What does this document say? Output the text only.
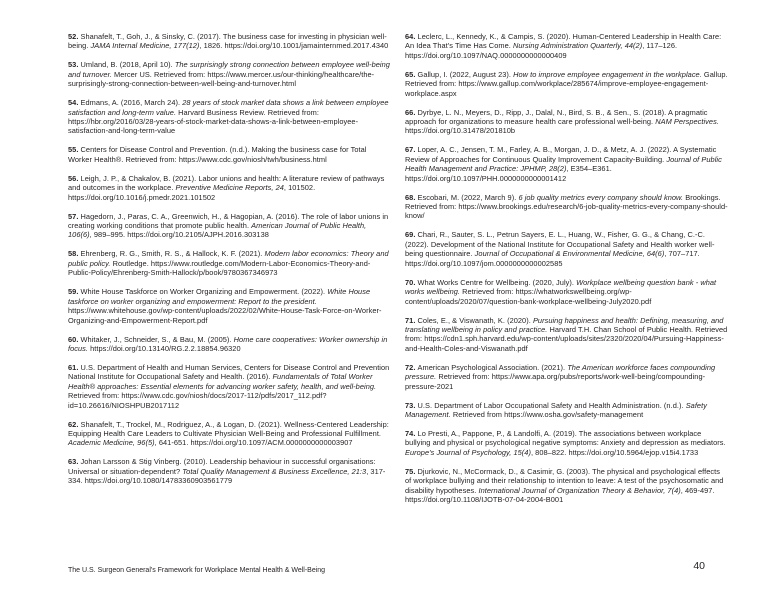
52. Shanafelt, T., Goh, J., & Sinsky, C. (2017). The business case for investing in physician well-being. JAMA Internal Medicine, 177(12), 1826. https://doi.org/10.1001/jamainternmed.2017.4340

53. Umland, B. (2018, April 10). The surprisingly strong connection between employee well-being and turnover. Mercer US. Retrieved from: https://www.mercer.us/our-thinking/healthcare/the-surprisingly-strong-connection-between-well-being-and-turnover.html

54. Edmans, A. (2016, March 24). 28 years of stock market data shows a link between employee satisfaction and long-term value. Harvard Business Review. Retrieved from: https://hbr.org/2016/03/28-years-of-stock-market-data-shows-a-link-between-employee-satisfaction-and-long-term-value

55. Centers for Disease Control and Prevention. (n.d.). Making the business case for Total Worker Health®. Retrieved from: https://www.cdc.gov/niosh/twh/business.html

56. Leigh, J. P., & Chakalov, B. (2021). Labor unions and health: A literature review of pathways and outcomes in the workplace. Preventive Medicine Reports, 24, 101502. https://doi.org/10.1016/j.pmedr.2021.101502

57. Hagedorn, J., Paras, C. A., Greenwich, H., & Hagopian, A. (2016). The role of labor unions in creating working conditions that promote public health. American Journal of Public Health, 106(6), 989–995. https://doi.org/10.2105/AJPH.2016.303138

58. Ehrenberg, R. G., Smith, R. S., & Hallock, K. F. (2021). Modern labor economics: Theory and public policy. Routledge. https://www.routledge.com/Modern-Labor-Economics-Theory-and-Public-Policy/Ehrenberg-Smith-Hallock/p/book/9780367346973

59. White House Taskforce on Worker Organizing and Empowerment. (2022). White House taskforce on worker organizing and empowerment: Report to the president. https://www.whitehouse.gov/wp-content/uploads/2022/02/White-House-Task-Force-on-Worker-Organizing-and-Empowerment-Report.pdf

60. Whitaker, J., Schneider, S., & Bau, M. (2005). Home care cooperatives: Worker ownership in focus. https://doi.org/10.13140/RG.2.2.18854.96320

61. U.S. Department of Health and Human Services, Centers for Disease Control and Prevention National Institute for Occupational Safety and Health. (2016). Fundamentals of Total Worker Health® approaches: Essential elements for advancing worker safety, health, and well-being. Retrieved from: https://www.cdc.gov/niosh/docs/2017-112/pdfs/2017_112.pdf?id=10.26616/NIOSHPUB2017112

62. Shanafelt, T., Trockel, M., Rodriguez, A., & Logan, D. (2021). Wellness-Centered Leadership: Equipping Health Care Leaders to Cultivate Physician Well-Being and Professional Fulfillment. Academic Medicine, 96(5), 641-651. https://doi.org/10.1097/ACM.0000000000003907

63. Johan Larsson & Stig Vinberg. (2010). Leadership behaviour in successful organisations: Universal or situation-dependent? Total Quality Management & Business Excellence, 21:3, 317-334. https://doi.org/10.1080/14783360903561779

64. Leclerc, L., Kennedy, K., & Campis, S. (2020). Human-Centered Leadership in Health Care: An Idea That's Time Has Come. Nursing Administration Quarterly, 44(2), 117–126. https://doi.org/10.1097/NAQ.0000000000000409

65. Gallup, I. (2022, August 23). How to improve employee engagement in the workplace. Gallup. Retrieved from: https://www.gallup.com/workplace/285674/improve-employee-engagement-workplace.aspx

66. Dyrbye, L. N., Meyers, D., Ripp, J., Dalal, N., Bird, S. B., & Sen., S. (2018). A pragmatic approach for organizations to measure health care professional well-being. NAM Perspectives. https://doi.org/10.31478/201810b

67. Loper, A. C., Jensen, T. M., Farley, A. B., Morgan, J. D., & Metz, A. J. (2022). A Systematic Review of Approaches for Continuous Quality Improvement Capacity-Building. Journal of Public Health Management and Practice: JPHMP, 28(2), E354–E361. https://doi.org/10.1097/PHH.0000000000001412

68. Escobari, M. (2022, March 9). 6 job quality metrics every company should know. Brookings. Retrieved from: https://www.brookings.edu/research/6-job-quality-metrics-every-company-should-know/

69. Chari, R., Sauter, S. L., Petrun Sayers, E. L., Huang, W., Fisher, G. G., & Chang, C.-C. (2022). Development of the National Institute for Occupational Safety and Health worker well-being questionnaire. Journal of Occupational & Environmental Medicine, 64(6), 707–717. https://doi.org/10.1097/jom.0000000000002585

70. What Works Centre for Wellbeing. (2020, July). Workplace wellbeing question bank - what works wellbeing. Retrieved from: https://whatworkswellbeing.org/wp-content/uploads/2020/07/question-bank-workplace-wellbeing-July2020.pdf

71. Coles, E., & Viswanath, K. (2020). Pursuing happiness and health: Defining, measuring, and translating wellbeing in policy and practice. Harvard T.H. Chan School of Public Health. Retrieved from: https://cdn1.sph.harvard.edu/wp-content/uploads/sites/2320/2020/04/Pursuing-Happiness-and-Health-Coles-and-Viswanath.pdf

72. American Psychological Association. (2021). The American workforce faces compounding pressure. Retrieved from: https://www.apa.org/pubs/reports/work-well-being/compounding-pressure-2021

73. U.S. Department of Labor Occupational Safety and Health Administration. (n.d.). Safety Management. Retrieved from https://www.osha.gov/safety-management

74. Lo Presti, A., Pappone, P., & Landolfi, A. (2019). The associations between workplace bullying and physical or psychological negative symptoms: Anxiety and depression as mediators. Europe's Journal of Psychology, 15(4), 808–822. https://doi.org/10.5964/ejop.v15i4.1733

75. Djurkovic, N., McCormack, D., & Casimir, G. (2003). The physical and psychological effects of workplace bullying and their relationship to intention to leave: A test of the psychosomatic and disability hypotheses. International Journal of Organization Theory & Behavior, 7(4), 469-497. https://doi.org/10.1108/IJOTB-07-04-2004-B001

The U.S. Surgeon General's Framework for Workplace Mental Health & Well-Being	40
